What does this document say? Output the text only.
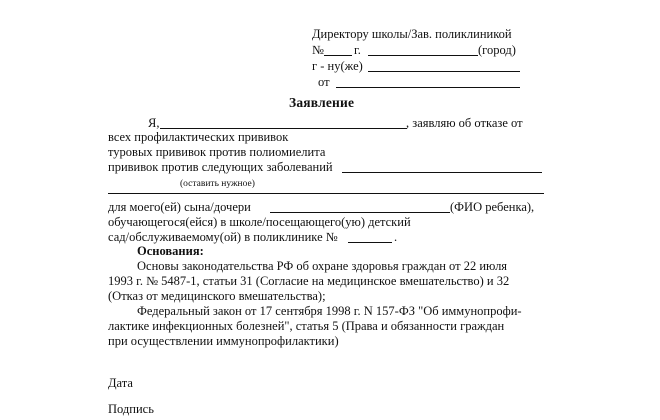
Директору школы/Зав. поликлиникой
№ г.	(город)
г - ну(же)
от
Заявление
Я,	, заявляю об отказе от
всех профилактических прививок
туровых прививок против полиомиелита
прививок против следующих заболеваний
(оставить нужное)
для моего(ей) сына/дочери	(ФИО ребенка),
обучающегося(ейся) в школе/посещающего(ую) детский
сад/обслуживаемому(ой) в поликлинике №	.
Основания:
Основы законодательства РФ об охране здоровья граждан от 22 июля
1993 г. № 5487-1, статьи 31 (Согласие на медицинское вмешательство) и 32
(Отказ от медицинского вмешательства);
Федеральный закон от 17 сентября 1998 г. N 157-ФЗ "Об иммунопрофи-
лактике инфекционных болезней", статья 5 (Права и обязанности граждан
при осуществлении иммунопрофилактики)
Дата
Подпись
